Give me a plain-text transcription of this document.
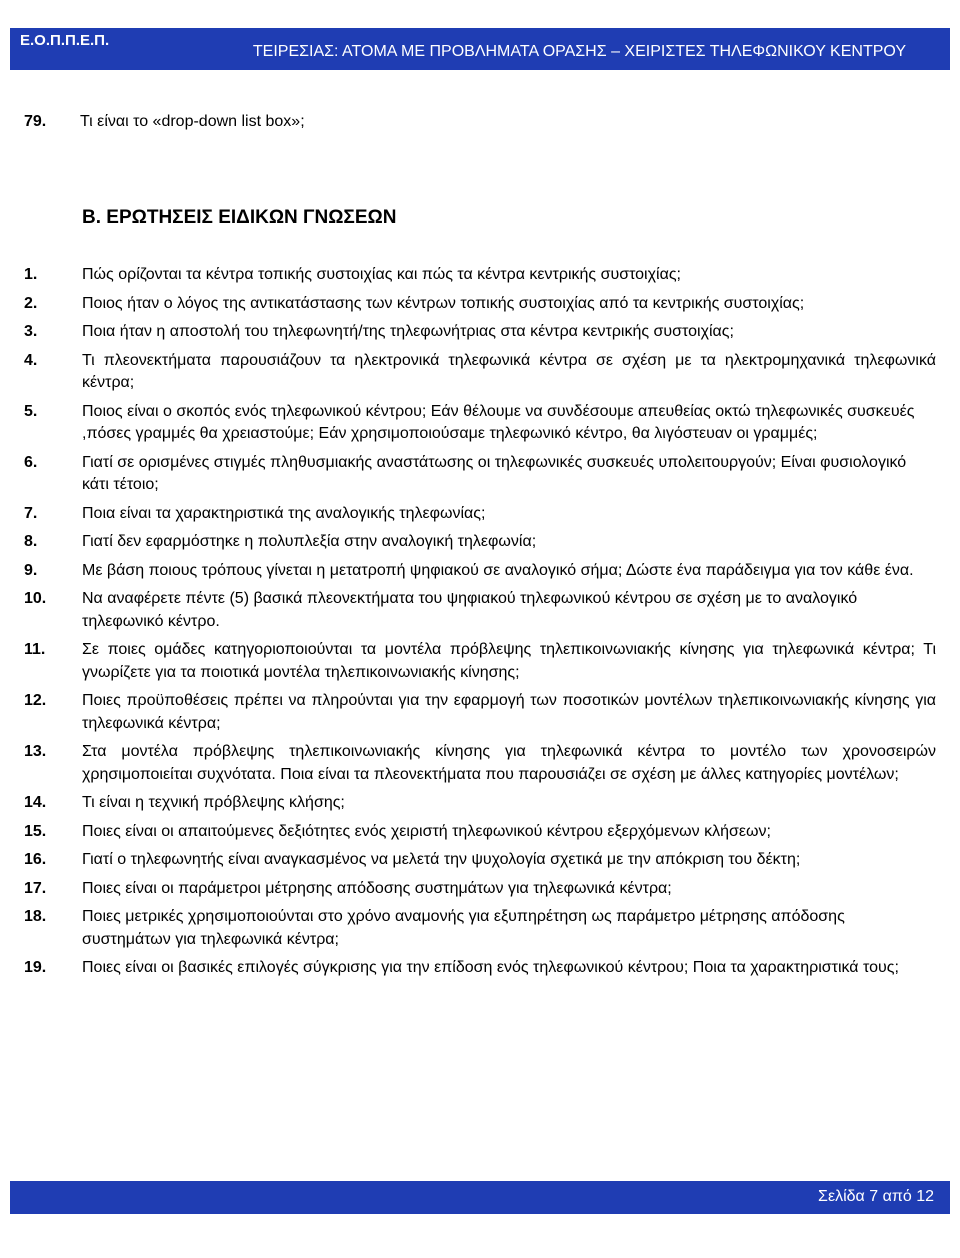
Ε.Ο.Π.Π.Ε.Π.
ΤΕΙΡΕΣΙΑΣ: ΑΤΟΜΑ ΜΕ ΠΡΟΒΛΗΜΑΤΑ ΟΡΑΣΗΣ – ΧΕΙΡΙΣΤΕΣ ΤΗΛΕΦΩΝΙΚΟΥ ΚΕΝΤΡΟΥ
79. Τι είναι το «drop-down list box»;
Β. ΕΡΩΤΗΣΕΙΣ ΕΙΔΙΚΩΝ ΓΝΩΣΕΩΝ
1.	Πώς ορίζονται τα κέντρα τοπικής συστοιχίας και πώς τα κέντρα κεντρικής συστοιχίας;
2.	Ποιος ήταν ο λόγος της αντικατάστασης των κέντρων τοπικής συστοιχίας από τα κεντρικής συστοιχίας;
3.	Ποια ήταν η αποστολή του τηλεφωνητή/της τηλεφωνήτριας στα κέντρα κεντρικής συστοιχίας;
4.	Τι πλεονεκτήματα παρουσιάζουν τα ηλεκτρονικά τηλεφωνικά κέντρα σε σχέση με τα ηλεκτρομηχανικά τηλεφωνικά κέντρα;
5.	Ποιος είναι ο σκοπός ενός τηλεφωνικού κέντρου; Εάν θέλουμε να συνδέσουμε απευθείας οκτώ τηλεφωνικές συσκευές ,πόσες γραμμές θα χρειαστούμε; Εάν χρησιμοποιούσαμε τηλεφωνικό κέντρο, θα λιγόστευαν οι γραμμές;
6.	Γιατί σε ορισμένες στιγμές πληθυσμιακής αναστάτωσης οι τηλεφωνικές συσκευές υπολειτουργούν; Είναι φυσιολογικό κάτι τέτοιο;
7.	Ποια είναι τα χαρακτηριστικά της αναλογικής τηλεφωνίας;
8.	Γιατί δεν εφαρμόστηκε η πολυπλεξία στην αναλογική τηλεφωνία;
9.	Με βάση ποιους τρόπους γίνεται η μετατροπή ψηφιακού σε αναλογικό σήμα; Δώστε ένα παράδειγμα για τον κάθε ένα.
10. Να αναφέρετε πέντε (5) βασικά πλεονεκτήματα του ψηφιακού τηλεφωνικού κέντρου σε σχέση με το αναλογικό τηλεφωνικό κέντρο.
11. Σε ποιες ομάδες κατηγοριοποιούνται τα μοντέλα πρόβλεψης τηλεπικοινωνιακής κίνησης για τηλεφωνικά κέντρα; Τι γνωρίζετε για τα ποιοτικά μοντέλα τηλεπικοινωνιακής κίνησης;
12. Ποιες προϋποθέσεις πρέπει να πληρούνται για την εφαρμογή των ποσοτικών μοντέλων τηλεπικοινωνιακής κίνησης για τηλεφωνικά κέντρα;
13. Στα μοντέλα πρόβλεψης τηλεπικοινωνιακής κίνησης για τηλεφωνικά κέντρα το μοντέλο των χρονοσειρών χρησιμοποιείται συχνότατα. Ποια είναι τα πλεονεκτήματα που παρουσιάζει σε σχέση με άλλες κατηγορίες μοντέλων;
14. Τι είναι η τεχνική πρόβλεψης κλήσης;
15. Ποιες είναι οι απαιτούμενες δεξιότητες ενός χειριστή τηλεφωνικού κέντρου εξερχόμενων κλήσεων;
16. Γιατί ο τηλεφωνητής είναι αναγκασμένος να μελετά την ψυχολογία σχετικά με την απόκριση του δέκτη;
17. Ποιες είναι οι παράμετροι μέτρησης απόδοσης συστημάτων για τηλεφωνικά κέντρα;
18. Ποιες μετρικές χρησιμοποιούνται στο χρόνο αναμονής για εξυπηρέτηση ως παράμετρο μέτρησης απόδοσης συστημάτων για τηλεφωνικά κέντρα;
19. Ποιες είναι οι βασικές επιλογές σύγκρισης για την επίδοση ενός τηλεφωνικού κέντρου; Ποια τα χαρακτηριστικά τους;
Σελίδα 7 από 12
